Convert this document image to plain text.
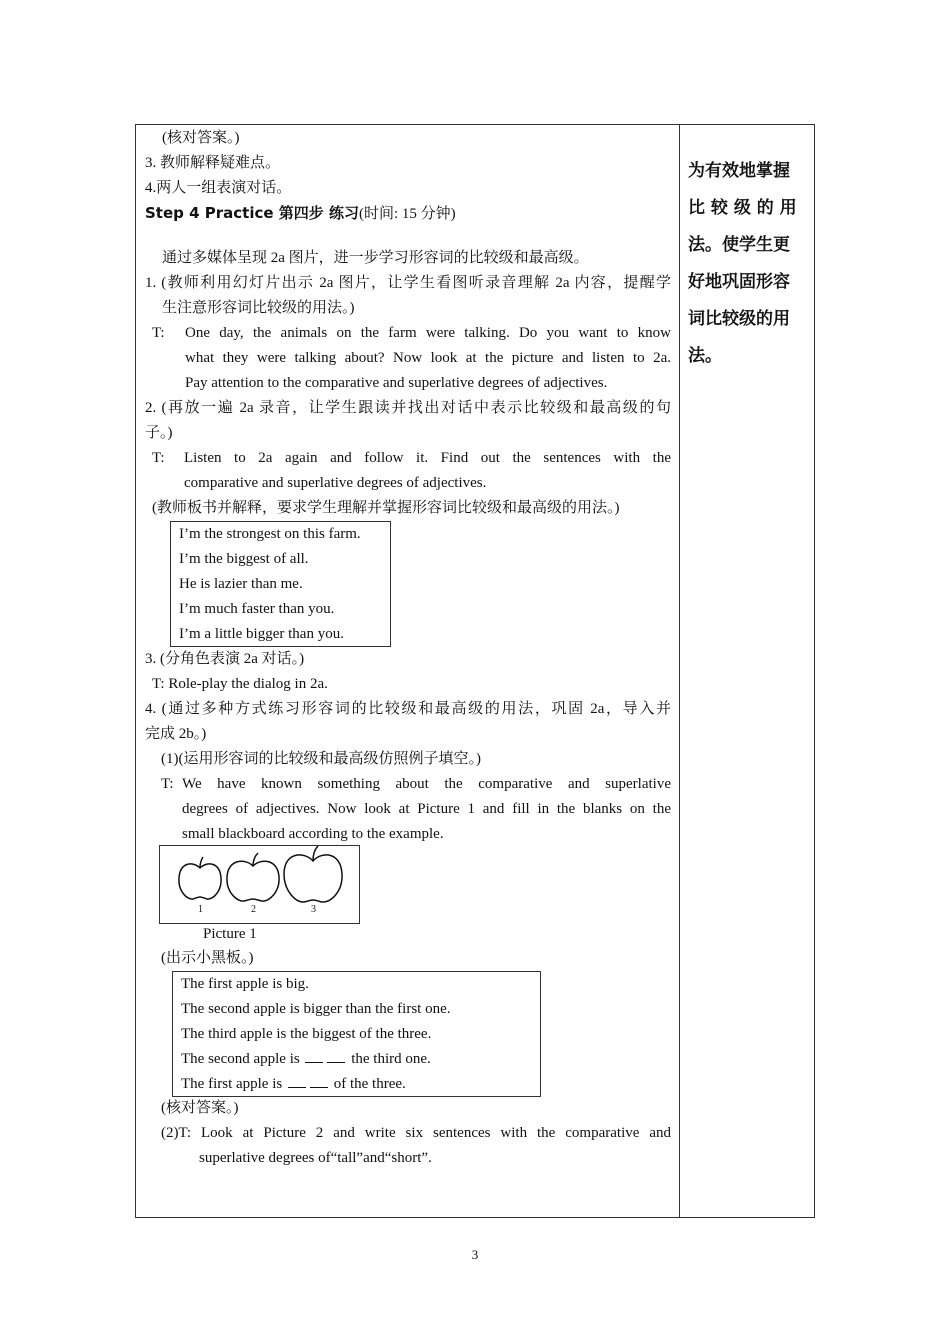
(核对答案。)
3. 教师解释疑难点。
4.两人一组表演对话。
Step 4 Practice 第四步 练习(时间: 15 分钟)
通过多媒体呈现 2a 图片，进一步学习形容词的比较级和最高级。
1. (教师利用幻灯片出示 2a 图片，让学生看图听录音理解 2a 内容，提醒学
生注意形容词比较级的用法。)
T: One day, the animals on the farm were talking. Do you want to know
what they were talking about? Now look at the picture and listen to 2a.
Pay attention to the comparative and superlative degrees of adjectives.
2. (再放一遍 2a 录音，让学生跟读并找出对话中表示比较级和最高级的句
子。)
T: Listen to 2a again and follow it. Find out the sentences with the
comparative and superlative degrees of adjectives.
(教师板书并解释，要求学生理解并掌握形容词比较级和最高级的用法。)
I’m the strongest on this farm.
I’m the biggest of all.
He is lazier than me.
I’m much faster than you.
I’m a little bigger than you.
3. (分角色表演 2a 对话。)
T: Role-play the dialog in 2a.
4. (通过多种方式练习形容词的比较级和最高级的用法，巩固 2a，导入并
完成 2b。)
(1)(运用形容词的比较级和最高级仿照例子填空。)
T: We have known something about the comparative and superlative
degrees of adjectives. Now look at Picture 1 and fill in the blanks on the
small blackboard according to the example.
1	2	3
Picture 1
(出示小黑板。)
The first apple is big.
The second apple is bigger than the first one.
The third apple is the biggest of the three.
The second apple is	the third one.
The first apple is	of the three.
(核对答案。)
(2)T: Look at Picture 2 and write six sentences with the comparative and
superlative degrees of“tall”and“short”.
为有效地掌握
比 较 级 的 用
法。使学生更
好地巩固形容
词比较级的用
法。
3
